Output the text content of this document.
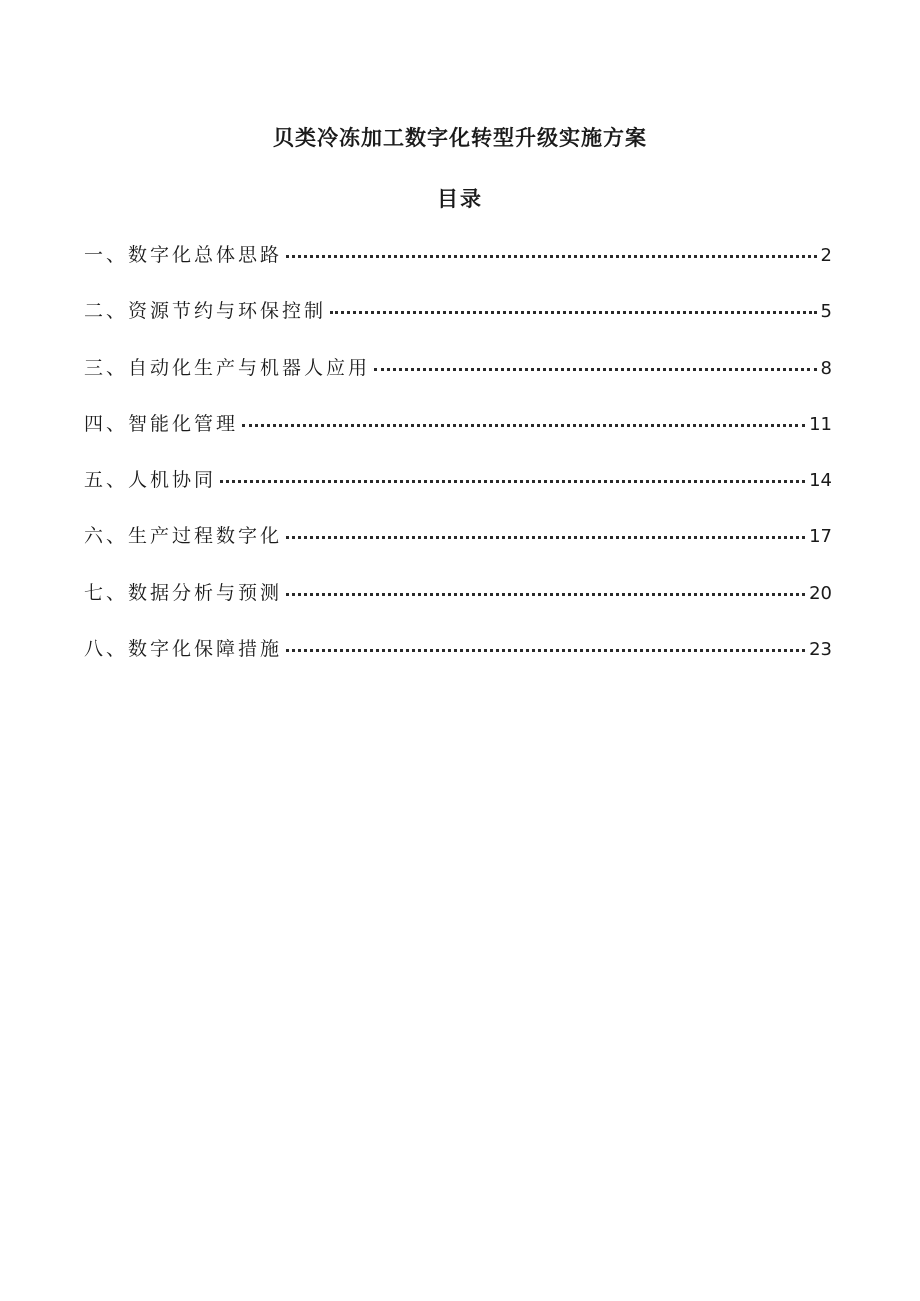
贝类冷冻加工数字化转型升级实施方案
目录
一、数字化总体思路	2
二、资源节约与环保控制	5
三、自动化生产与机器人应用	8
四、智能化管理	11
五、人机协同	14
六、生产过程数字化	17
七、数据分析与预测	20
八、数字化保障措施	23
